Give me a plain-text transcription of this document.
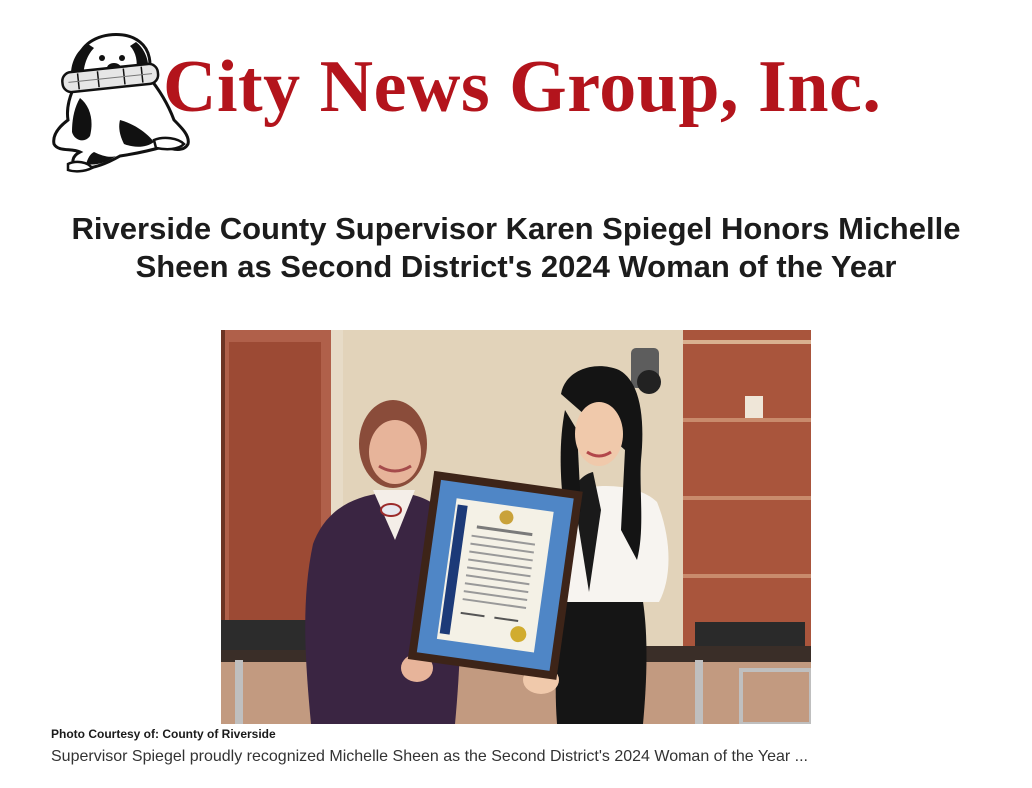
City News Group, Inc.
Riverside County Supervisor Karen Spiegel Honors Michelle Sheen as Second District's 2024 Woman of the Year
Photo Courtesy of: County of Riverside
Supervisor Spiegel proudly recognized Michelle Sheen as the Second District's 2024 Woman of the Year ...
